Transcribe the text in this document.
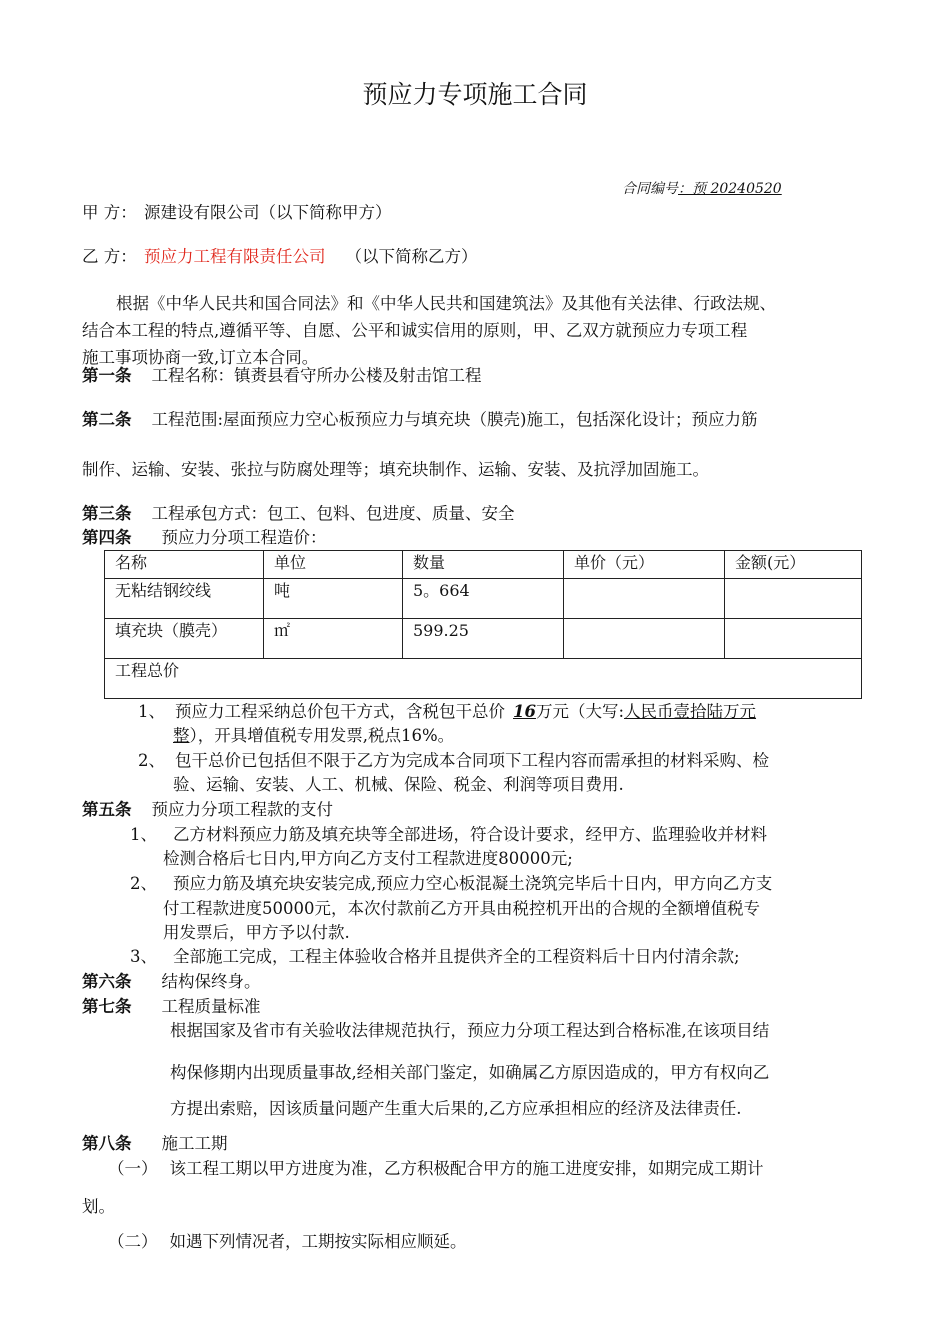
预应力专项施工合同
合同编号：预 20240520
甲 方： 源建设有限公司（以下简称甲方）
乙 方： 预应力工程有限责任公司 （以下简称乙方）
根据《中华人民共和国合同法》和《中华人民共和国建筑法》及其他有关法律、行政法规、
结合本工程的特点,遵循平等、自愿、公平和诚实信用的原则，甲、乙双方就预应力专项工程
施工事项协商一致,订立本合同。
第一条 工程名称：镇赉县看守所办公楼及射击馆工程
第二条 工程范围:屋面预应力空心板预应力与填充块（膜壳)施工，包括深化设计；预应力筋
制作、运输、安装、张拉与防腐处理等；填充块制作、运输、安装、及抗浮加固施工。
第三条 工程承包方式：包工、包料、包进度、质量、安全
第四条 预应力分项工程造价：
名称	单位	数量	单价（元）	金额(元）
无粘结钢绞线	吨	5。664		
填充块（膜壳）	㎡	599.25		
工程总价				
1、 预应力工程采纳总价包干方式，含税包干总价 16万元（大写:人民币壹拾陆万元
整），开具增值税专用发票,税点16%。
2、 包干总价已包括但不限于乙方为完成本合同项下工程内容而需承担的材料采购、检
验、运输、安装、人工、机械、保险、税金、利润等项目费用.
第五条 预应力分项工程款的支付
1、 乙方材料预应力筋及填充块等全部进场，符合设计要求，经甲方、监理验收并材料
检测合格后七日内,甲方向乙方支付工程款进度80000元;
2、 预应力筋及填充块安装完成,预应力空心板混凝土浇筑完毕后十日内，甲方向乙方支
付工程款进度50000元，本次付款前乙方开具由税控机开出的合规的全额增值税专
用发票后，甲方予以付款.
3、 全部施工完成，工程主体验收合格并且提供齐全的工程资料后十日内付清余款;
第六条 结构保终身。
第七条 工程质量标准
根据国家及省市有关验收法律规范执行，预应力分项工程达到合格标准,在该项目结
构保修期内出现质量事故,经相关部门鉴定，如确属乙方原因造成的，甲方有权向乙
方提出索赔，因该质量问题产生重大后果的,乙方应承担相应的经济及法律责任.
第八条 施工工期
（一） 该工程工期以甲方进度为准，乙方积极配合甲方的施工进度安排，如期完成工期计
划。
（二） 如遇下列情况者，工期按实际相应顺延。
